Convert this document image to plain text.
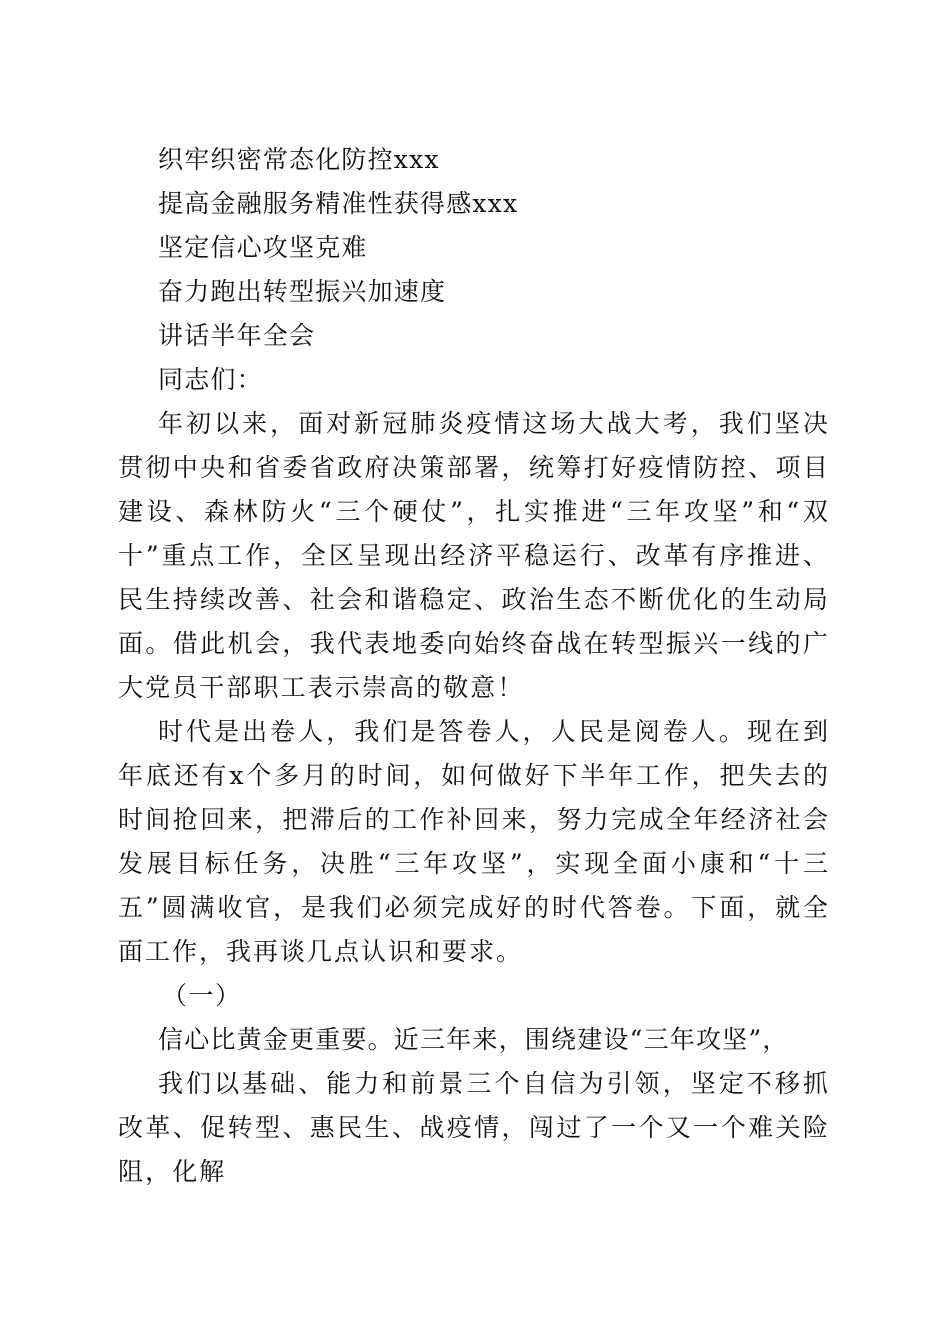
织牢织密常态化防控xxx
提高金融服务精准性获得感xxx
坚定信心攻坚克难
奋力跑出转型振兴加速度
讲话半年全会
同志们：

年初以来，面对新冠肺炎疫情这场大战大考，我们坚决贯彻中央和省委省政府决策部署，统筹打好疫情防控、项目建设、森林防火“三个硬仗”，扎实推进“三年攻坚”和“双十”重点工作，全区呈现出经济平稳运行、改革有序推进、民生持续改善、社会和谐稳定、政治生态不断优化的生动局面。借此机会，我代表地委向始终奋战在转型振兴一线的广大党员干部职工表示崇高的敬意！

时代是出卷人，我们是答卷人，人民是阅卷人。现在到年底还有x个多月的时间，如何做好下半年工作，把失去的时间抢回来，把滞后的工作补回来，努力完成全年经济社会发展目标任务，决胜“三年攻坚”，实现全面小康和“十三五”圆满收官，是我们必须完成好的时代答卷。下面，就全面工作，我再谈几点认识和要求。

（一）
信心比黄金更重要。近三年来，围绕建设“三年攻坚”，

我们以基础、能力和前景三个自信为引领，坚定不移抓改革、促转型、惠民生、战疫情，闯过了一个又一个难关险阻，化解
